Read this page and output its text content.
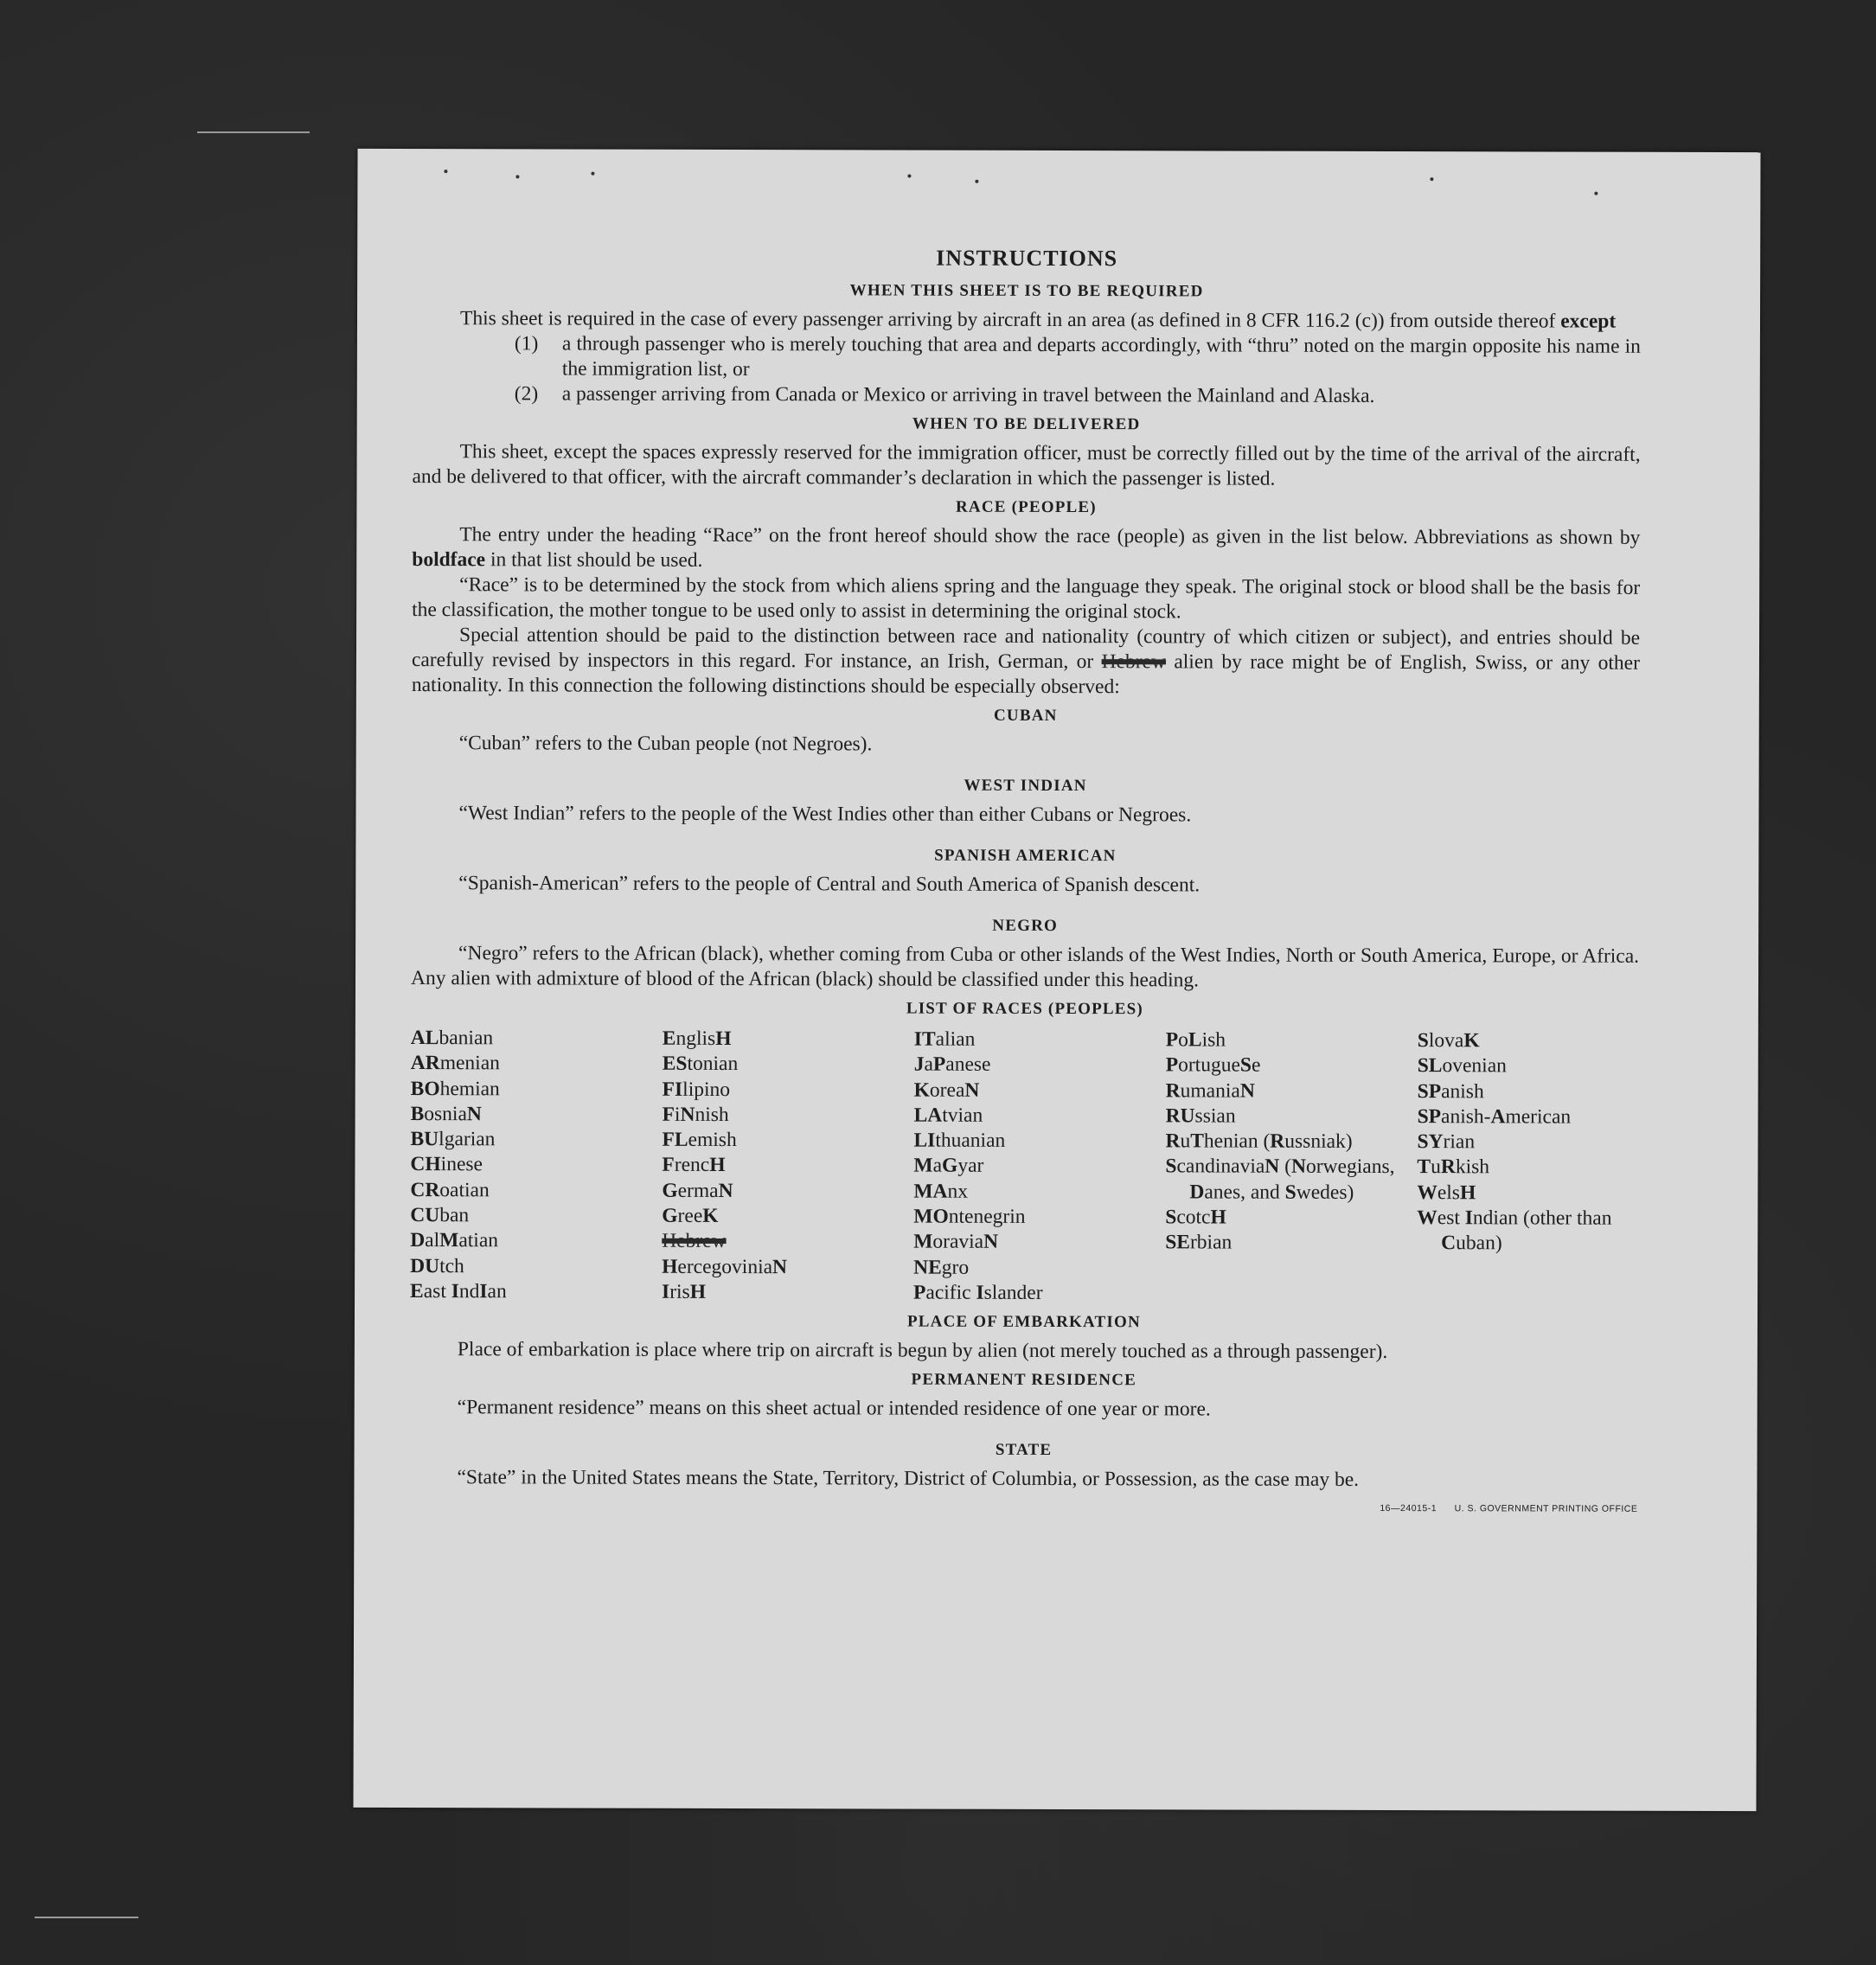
INSTRUCTIONS
WHEN THIS SHEET IS TO BE REQUIRED

This sheet is required in the case of every passenger arriving by aircraft in an area (as defined in 8 CFR 116.2 (c)) from outside thereof except

(1)	a through passenger who is merely touching that area and departs accordingly, with “thru” noted on the margin opposite his name in the immigration list, or
(2)	a passenger arriving from Canada or Mexico or arriving in travel between the Mainland and Alaska.
WHEN TO BE DELIVERED

This sheet, except the spaces expressly reserved for the immigration officer, must be correctly filled out by the time of the arrival of the aircraft, and be delivered to that officer, with the aircraft commander’s declaration in which the passenger is listed.

RACE (PEOPLE)

The entry under the heading “Race” on the front hereof should show the race (people) as given in the list below. Abbreviations as shown by boldface in that list should be used.

“Race” is to be determined by the stock from which aliens spring and the language they speak. The original stock or blood shall be the basis for the classification, the mother tongue to be used only to assist in determining the original stock.

Special attention should be paid to the distinction between race and nationality (country of which citizen or subject), and entries should be carefully revised by inspectors in this regard. For instance, an Irish, German, or Hebrew alien by race might be of English, Swiss, or any other nationality. In this connection the following distinctions should be especially observed:

CUBAN

“Cuban” refers to the Cuban people (not Negroes).

WEST INDIAN

“West Indian” refers to the people of the West Indies other than either Cubans or Negroes.

SPANISH AMERICAN

“Spanish-American” refers to the people of Central and South America of Spanish descent.

NEGRO

“Negro” refers to the African (black), whether coming from Cuba or other islands of the West Indies, North or South America, Europe, or Africa. Any alien with admixture of blood of the African (black) should be classified under this heading.

LIST OF RACES (PEOPLES)
ALbanian
ARmenian
BOhemian
BosniaN
BUlgarian
CHinese
CRoatian
CUban
DalMatian
DUtch
East IndIan
EnglisH
EStonian
FIlipino
FiNnish
FLemish
FrencH
GermaN
GreeK
Hebrew
HercegoviniaN
IrisH
ITalian
JaPanese
KoreaN
LAtvian
LIthuanian
MaGyar
MAnx
MOntenegrin
MoraviaN
NEgro
Pacific Islander
PoLish
PortugueSe
RumaniaN
RUssian
RuThenian (Russniak)
ScandinaviaN (Norwegians, Danes, and Swedes)
ScotcH
SErbian
SlovaK
SLovenian
SPanish
SPanish-American
SYrian
TuRkish
WelsH
West Indian (other than Cuban)
PLACE OF EMBARKATION

Place of embarkation is place where trip on aircraft is begun by alien (not merely touched as a through passenger).

PERMANENT RESIDENCE

“Permanent residence” means on this sheet actual or intended residence of one year or more.

STATE

“State” in the United States means the State, Territory, District of Columbia, or Possession, as the case may be.

16—24015-1 U. S. GOVERNMENT PRINTING OFFICE
